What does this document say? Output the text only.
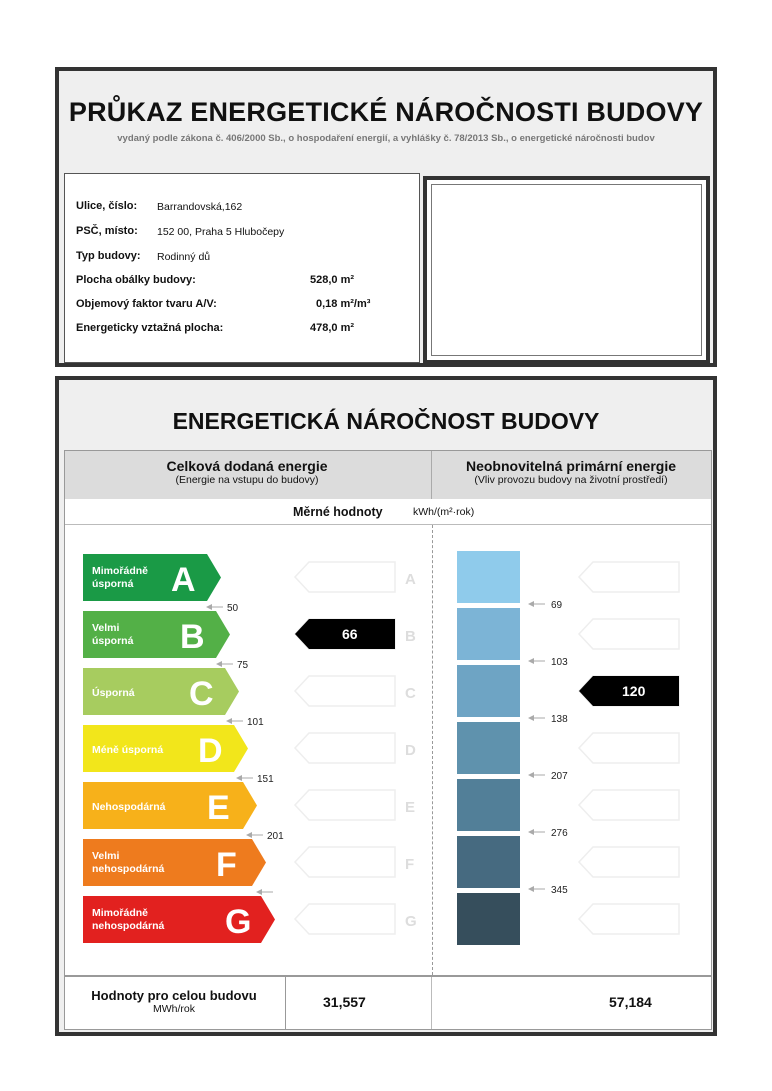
PRŮKAZ ENERGETICKÉ NÁROČNOSTI BUDOVY
vydaný podle zákona č. 406/2000 Sb., o hospodaření energií, a vyhlášky č. 78/2013 Sb., o energetické náročnosti budov
Ulice, číslo: Barrandovská,162
PSČ, místo: 152 00, Praha 5 Hlubočepy
Typ budovy: Rodinný dů
Plocha obálky budovy:	528,0 m²
Objemový faktor tvaru A/V:	0,18 m²/m³
Energeticky vztažná plocha:	478,0 m²
ENERGETICKÁ NÁROČNOST BUDOVY
Celková dodaná energie
(Energie na vstupu do budovy)
Neobnovitelná primární energie
(Vliv provozu budovy na životní prostředí)
Měrné hodnoty	kWh/(m²·rok)
Mimořádně
úsporná A
50
A
Velmi
úsporná B
75
B
Úsporná C
101
C
Méně úsporná D
151
D
Nehospodárná E
201
E
Velmi
nehospodárná F	F
Mimořádně
nehospodárná G	G
69
103
138
207
276
345
66
120
Hodnoty pro celou budovu
MWh/rok	31,557	57,184
